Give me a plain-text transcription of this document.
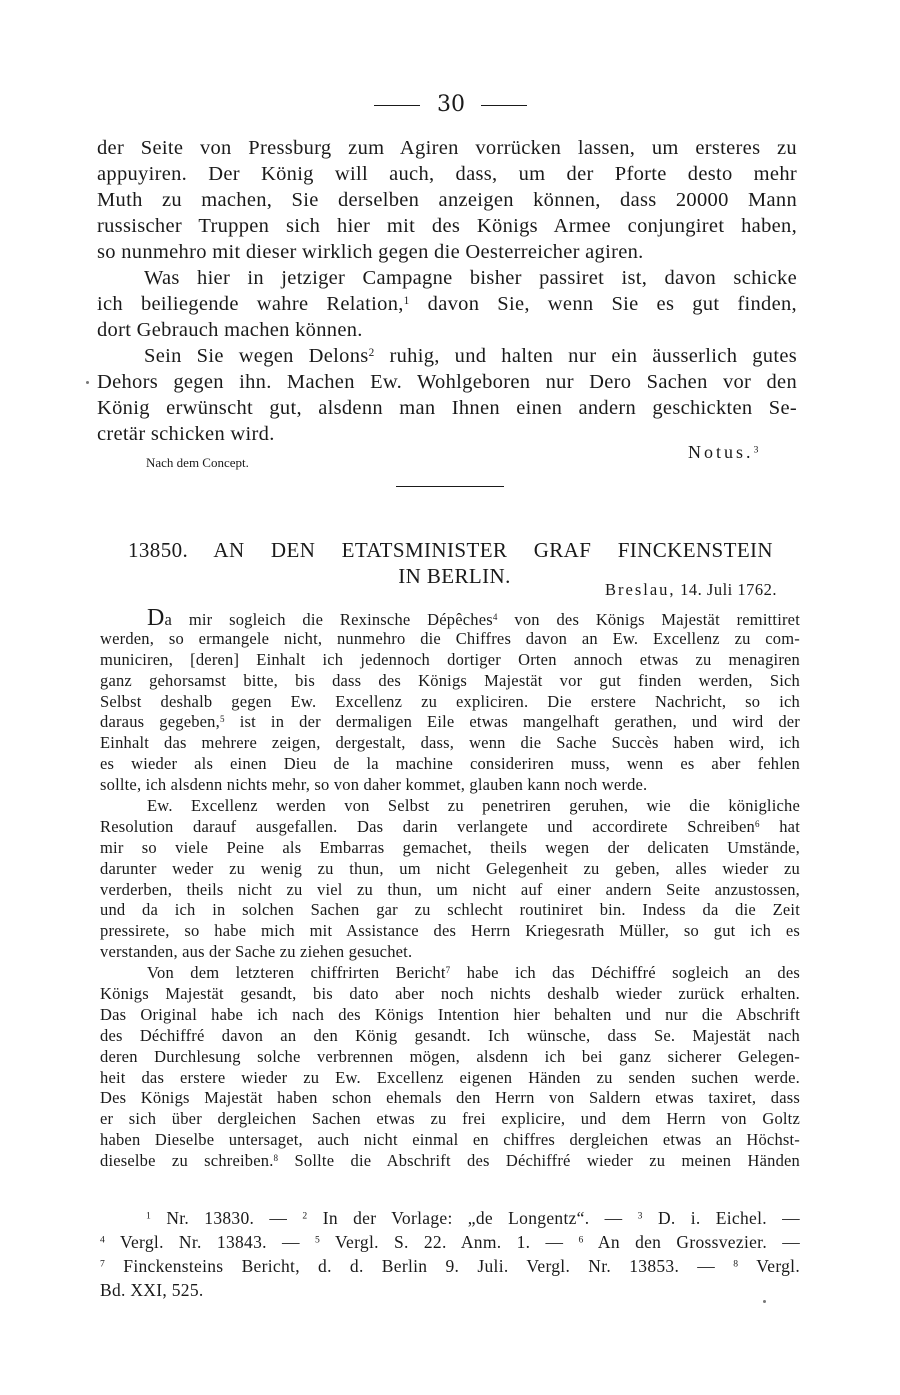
30
der Seite von Pressburg zum Agiren vorrücken lassen, um ersteres zu
appuyiren. Der König will auch, dass, um der Pforte desto mehr
Muth zu machen, Sie derselben anzeigen können, dass 20000 Mann
russischer Truppen sich hier mit des Königs Armee conjungiret haben,
so nunmehro mit dieser wirklich gegen die Oesterreicher agiren.
Was hier in jetziger Campagne bisher passiret ist, davon schicke
ich beiliegende wahre Relation,$^1$ davon Sie, wenn Sie es gut finden,
dort Gebrauch machen können.
Sein Sie wegen Delons$^2$ ruhig, und halten nur ein äusserlich gutes
Dehors gegen ihn. Machen Ew. Wohlgeboren nur Dero Sachen vor den
König erwünscht gut, alsdenn man Ihnen einen andern geschickten Se-
cretär schicken wird.
Nach dem Concept.
Notus.$^3$
13850. AN DEN ETATSMINISTER GRAF FINCKENSTEIN
IN BERLIN.
Breslau, 14. Juli 1762.
Da mir sogleich die Rexinsche Dépêches$^4$ von des Königs Majestät remittiret
werden, so ermangele nicht, nunmehro die Chiffres davon an Ew. Excellenz zu com-
municiren, [deren] Einhalt ich jedennoch dortiger Orten annoch etwas zu menagiren
ganz gehorsamst bitte, bis dass des Königs Majestät vor gut finden werden, Sich
Selbst deshalb gegen Ew. Excellenz zu expliciren. Die erstere Nachricht, so ich
daraus gegeben,$^5$ ist in der dermaligen Eile etwas mangelhaft gerathen, und wird der
Einhalt das mehrere zeigen, dergestalt, dass, wenn die Sache Succès haben wird, ich
es wieder als einen Dieu de la machine consideriren muss, wenn es aber fehlen
sollte, ich alsdenn nichts mehr, so von daher kommet, glauben kann noch werde.
Ew. Excellenz werden von Selbst zu penetriren geruhen, wie die königliche
Resolution darauf ausgefallen. Das darin verlangete und accordirete Schreiben$^6$ hat
mir so viele Peine als Embarras gemachet, theils wegen der delicaten Umstände,
darunter weder zu wenig zu thun, um nicht Gelegenheit zu geben, alles wieder zu
verderben, theils nicht zu viel zu thun, um nicht auf einer andern Seite anzustossen,
und da ich in solchen Sachen gar zu schlecht routiniret bin. Indess da die Zeit
pressirete, so habe mich mit Assistance des Herrn Kriegesrath Müller, so gut ich es
verstanden, aus der Sache zu ziehen gesuchet.
Von dem letzteren chiffrirten Bericht$^7$ habe ich das Déchiffré sogleich an des
Königs Majestät gesandt, bis dato aber noch nichts deshalb wieder zurück erhalten.
Das Original habe ich nach des Königs Intention hier behalten und nur die Abschrift
des Déchiffré davon an den König gesandt. Ich wünsche, dass Se. Majestät nach
deren Durchlesung solche verbrennen mögen, alsdenn ich bei ganz sicherer Gelegen-
heit das erstere wieder zu Ew. Excellenz eigenen Händen zu senden suchen werde.
Des Königs Majestät haben schon ehemals den Herrn von Saldern etwas taxiret, dass
er sich über dergleichen Sachen etwas zu frei explicire, und dem Herrn von Goltz
haben Dieselbe untersaget, auch nicht einmal en chiffres dergleichen etwas an Höchst-
dieselbe zu schreiben.$^8$ Sollte die Abschrift des Déchiffré wieder zu meinen Händen
$^1$ Nr. 13830. — $^2$ In der Vorlage: „de Longentz“. — $^3$ D. i. Eichel. —
$^4$ Vergl. Nr. 13843. — $^5$ Vergl. S. 22. Anm. 1. — $^6$ An den Grossvezier. —
$^7$ Finckensteins Bericht, d. d. Berlin 9. Juli. Vergl. Nr. 13853. — $^8$ Vergl.
Bd. XXI, 525.
